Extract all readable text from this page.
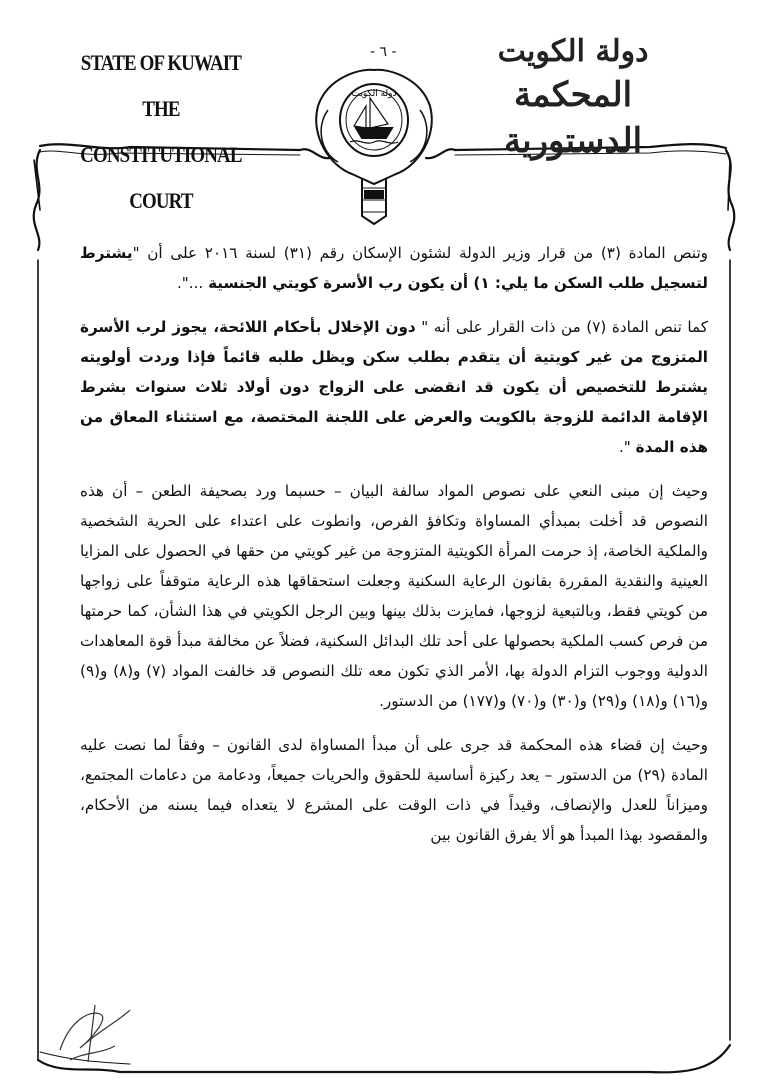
STATE OF KUWAIT
THE CONSTITUTIONAL COURT
- ٦ -	دولة الكويت
المحكمة الدستورية
دولة الكويت

وتنص المادة (٣) من قرار وزير الدولة لشئون الإسكان رقم (٣١) لسنة ٢٠١٦ على أن "يشترط لتسجيل طلب السكن ما يلي: ١) أن يكون رب الأسرة كويتي الجنسية ...".

كما تنص المادة (٧) من ذات القرار على أنه " دون الإخلال بأحكام اللائحة، يجوز لرب الأسرة المتزوج من غير كويتية أن يتقدم بطلب سكن ويظل طلبه قائماً فإذا وردت أولويته يشترط للتخصيص أن يكون قد انقضى على الزواج دون أولاد ثلاث سنوات بشرط الإقامة الدائمة للزوجة بالكويت والعرض على اللجنة المختصة، مع استثناء المعاق من هذه المدة ".

وحيث إن مبنى النعي على نصوص المواد سالفة البيان – حسبما ورد بصحيفة الطعن – أن هذه النصوص قد أخلت بمبدأي المساواة وتكافؤ الفرص، وانطوت على اعتداء على الحرية الشخصية والملكية الخاصة، إذ حرمت المرأة الكويتية المتزوجة من غير كويتي من حقها في الحصول على المزايا العينية والنقدية المقررة بقانون الرعاية السكنية وجعلت استحقاقها هذه الرعاية متوقفاً على زواجها من كويتي فقط، وبالتبعية لزوجها، فمايزت بذلك بينها وبين الرجل الكويتي في هذا الشأن، كما حرمتها من فرص كسب الملكية بحصولها على أحد تلك البدائل السكنية، فضلاً عن مخالفة مبدأ قوة المعاهدات الدولية ووجوب التزام الدولة بها، الأمر الذي تكون معه تلك النصوص قد خالفت المواد (٧) و(٨) و(٩) و(١٦) و(١٨) و(٢٩) و(٣٠) و(٧٠) و(١٧٧) من الدستور.

وحيث إن قضاء هذه المحكمة قد جرى على أن مبدأ المساواة لدى القانون – وفقاً لما نصت عليه المادة (٢٩) من الدستور – يعد ركيزة أساسية للحقوق والحريات جميعاً، ودعامة من دعامات المجتمع، وميزاناً للعدل والإنصاف، وقيداً في ذات الوقت على المشرع لا يتعداه فيما يسنه من الأحكام، والمقصود بهذا المبدأ هو ألا يفرق القانون بين
